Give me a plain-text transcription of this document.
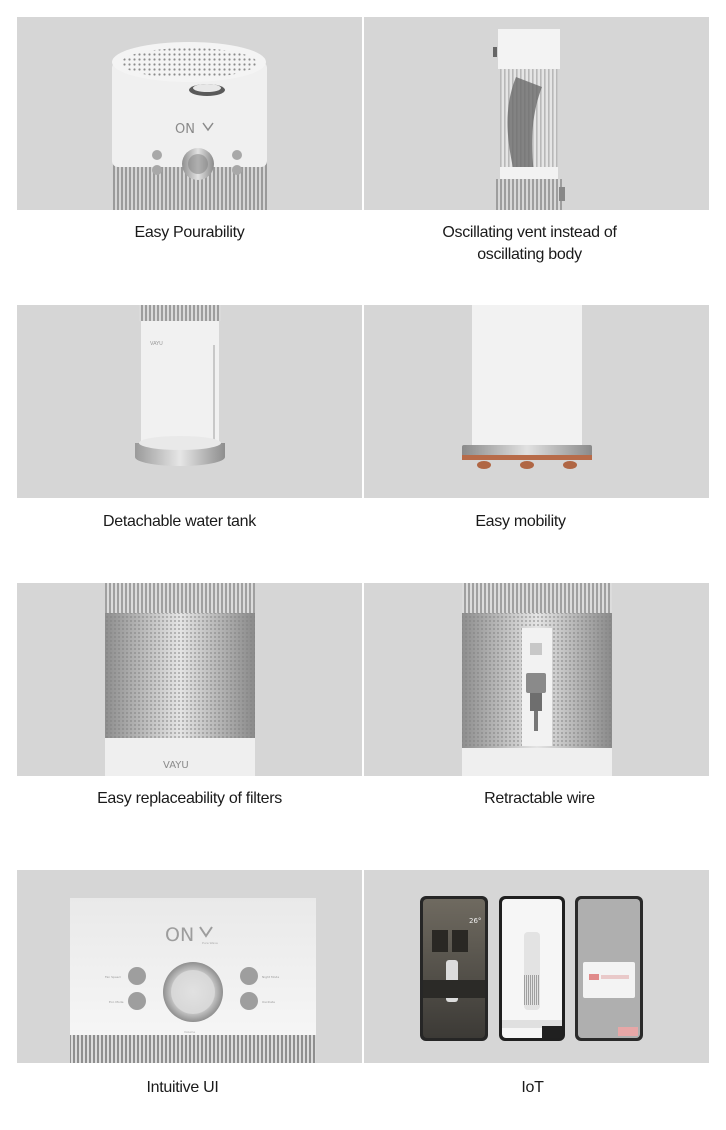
ON
Easy Pourability	Oscillating vent instead of
oscillating body
VAYU
Detachable water tank	Easy mobility
VAYU
Easy replaceability of filters	Retractable wire
ON	Pure Wave
Volume
Fan Speed
Eco Mode
Night Mode
Oscillate
Intuitive UI
26°
IoT
